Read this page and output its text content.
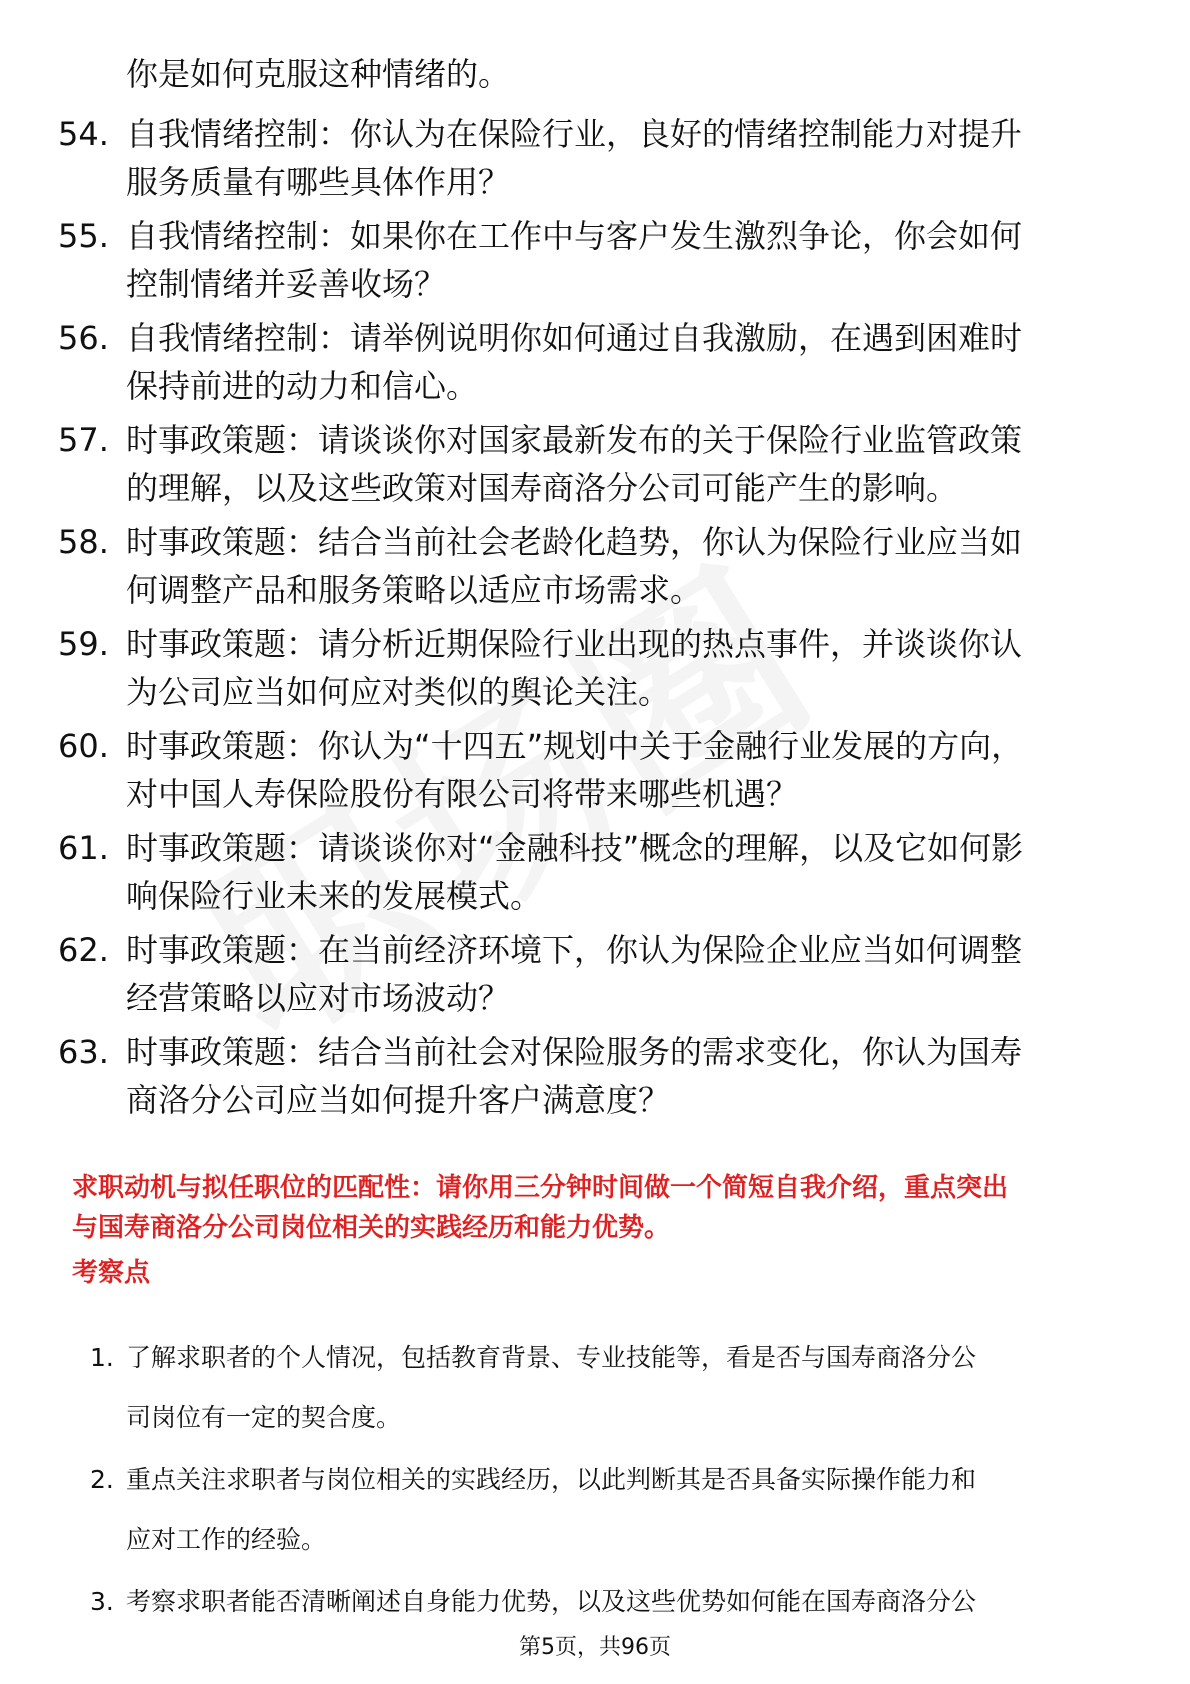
你是如何克服这种情绪的。
54. 自我情绪控制：你认为在保险行业，良好的情绪控制能力对提升
服务质量有哪些具体作用？
55. 自我情绪控制：如果你在工作中与客户发生激烈争论，你会如何
控制情绪并妥善收场？
56. 自我情绪控制：请举例说明你如何通过自我激励，在遇到困难时
保持前进的动力和信心。
57. 时事政策题：请谈谈你对国家最新发布的关于保险行业监管政策
的理解，以及这些政策对国寿商洛分公司可能产生的影响。
58. 时事政策题：结合当前社会老龄化趋势，你认为保险行业应当如
何调整产品和服务策略以适应市场需求。
59. 时事政策题：请分析近期保险行业出现的热点事件，并谈谈你认
为公司应当如何应对类似的舆论关注。
60. 时事政策题：你认为“十四五”规划中关于金融行业发展的方向，
对中国人寿保险股份有限公司将带来哪些机遇？
61. 时事政策题：请谈谈你对“金融科技”概念的理解，以及它如何影
响保险行业未来的发展模式。
62. 时事政策题：在当前经济环境下，你认为保险企业应当如何调整
经营策略以应对市场波动？
63. 时事政策题：结合当前社会对保险服务的需求变化，你认为国寿
商洛分公司应当如何提升客户满意度？
求职动机与拟任职位的匹配性：请你用三分钟时间做一个简短自我介绍，重点突出
与国寿商洛分公司岗位相关的实践经历和能力优势。
考察点
1. 了解求职者的个人情况，包括教育背景、专业技能等，看是否与国寿商洛分公
司岗位有一定的契合度。
2. 重点关注求职者与岗位相关的实践经历，以此判断其是否具备实际操作能力和
应对工作的经验。
3. 考察求职者能否清晰阐述自身能力优势，以及这些优势如何能在国寿商洛分公
第5页，共96页
